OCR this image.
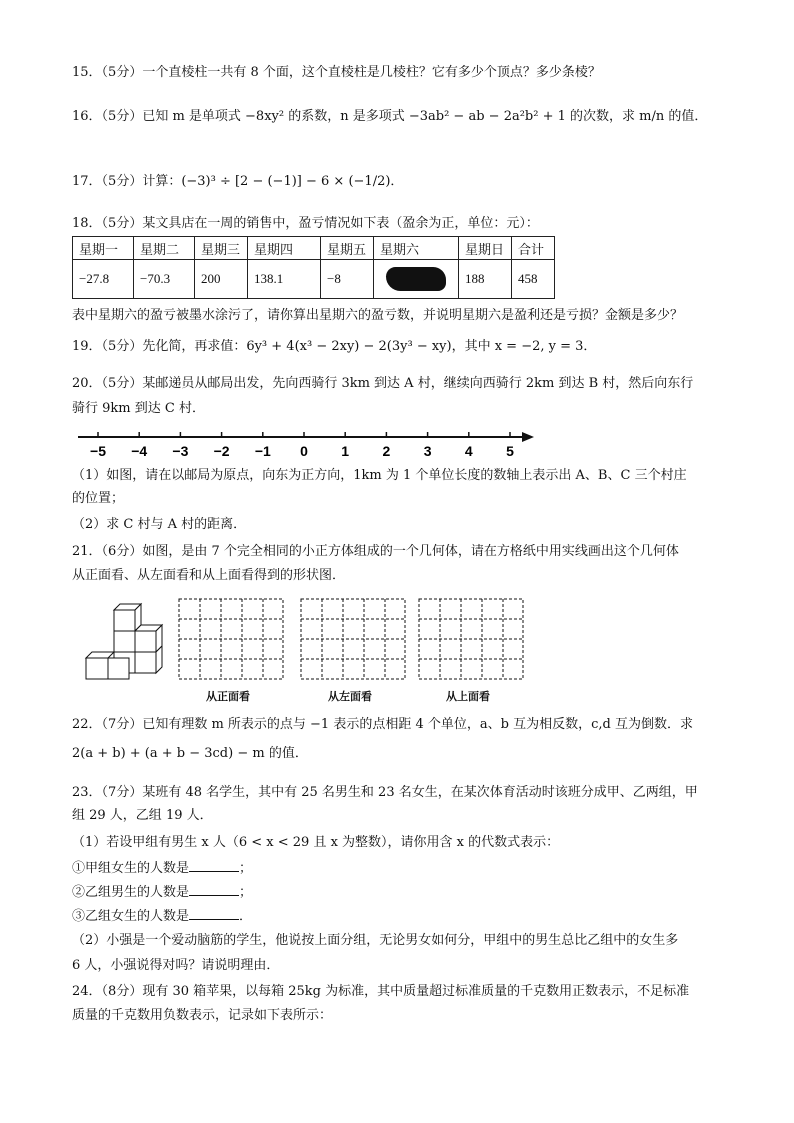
15．（5分）一个直棱柱一共有 8 个面，这个直棱柱是几棱柱？它有多少个顶点？多少条棱？
16．（5分）已知 m 是单项式 −8xy² 的系数，n 是多项式 −3ab² − ab − 2a²b² + 1 的次数，求 m/n 的值．
17．（5分）计算：(−3)³ ÷ [2 − (−1)] − 6 × (−1/2)．
18．（5分）某文具店在一周的销售中，盈亏情况如下表（盈余为正，单位：元）：
星期一	星期二	星期三	星期四	星期五	星期六	星期日	合计
−27.8	−70.3	200	138.1	−8		188	458
表中星期六的盈亏被墨水涂污了，请你算出星期六的盈亏数，并说明星期六是盈利还是亏损？金额是多少？
19．（5分）先化简，再求值：6y³ + 4(x³ − 2xy) − 2(3y³ − xy)，其中 x = −2, y = 3．
20．（5分）某邮递员从邮局出发，先向西骑行 3km 到达 A 村，继续向西骑行 2km 到达 B 村，然后向东行
骑行 9km 到达 C 村．
−5 −4 −3 −2 −1 0 1 2 3 4 5
（1）如图，请在以邮局为原点，向东为正方向，1km 为 1 个单位长度的数轴上表示出 A、B、C 三个村庄
的位置；
（2）求 C 村与 A 村的距离．
21．（6分）如图，是由 7 个完全相同的小正方体组成的一个几何体，请在方格纸中用实线画出这个几何体
从正面看、从左面看和从上面看得到的形状图．
从正面看	从左面看	从上面看
22．（7分）已知有理数 m 所表示的点与 −1 表示的点相距 4 个单位，a、b 互为相反数，c,d 互为倒数．求
2(a + b) + (a + b − 3cd) − m 的值．
23．（7分）某班有 48 名学生，其中有 25 名男生和 23 名女生，在某次体育活动时该班分成甲、乙两组，甲
组 29 人，乙组 19 人．
（1）若设甲组有男生 x 人（6 < x < 29 且 x 为整数），请你用含 x 的代数式表示：
①甲组女生的人数是	；
②乙组男生的人数是	；
③乙组女生的人数是	．
（2）小强是一个爱动脑筋的学生，他说按上面分组，无论男女如何分，甲组中的男生总比乙组中的女生多
6 人，小强说得对吗？请说明理由．
24．（8分）现有 30 箱苹果，以每箱 25kg 为标准，其中质量超过标准质量的千克数用正数表示，不足标准
质量的千克数用负数表示，记录如下表所示：
